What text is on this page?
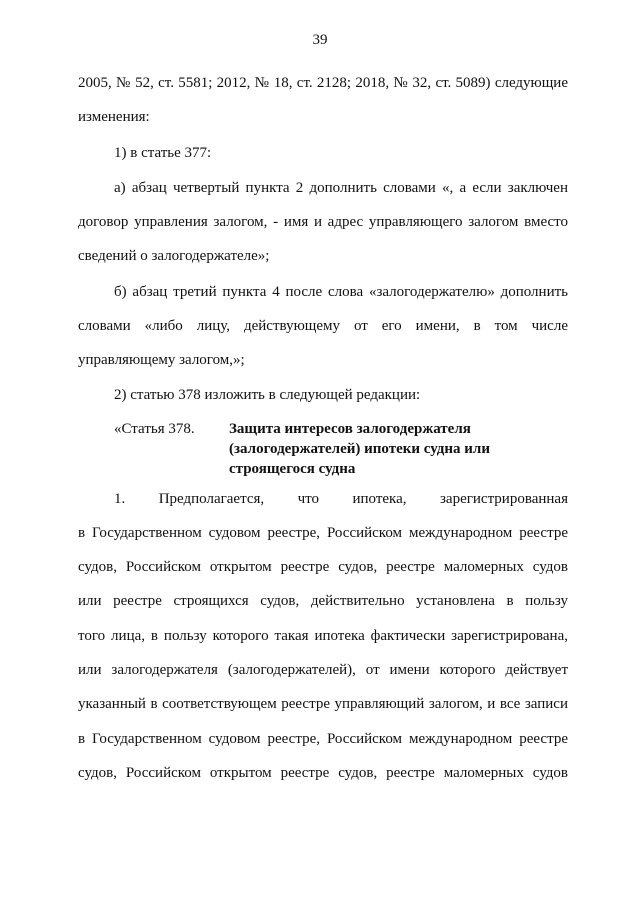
39
2005, № 52, ст. 5581; 2012, № 18, ст. 2128; 2018, № 32, ст. 5089) следующие
изменения:
1) в статье 377:
а) абзац четвертый пункта 2 дополнить словами «, а если заключен
договор управления залогом, - имя и адрес управляющего залогом вместо
сведений о залогодержателе»;
б) абзац третий пункта 4 после слова «залогодержателю» дополнить
словами «либо лицу, действующему от его имени, в том числе
управляющему залогом,»;
2) статью 378 изложить в следующей редакции:
«Статья 378. Защита интересов залогодержателя
(залогодержателей) ипотеки судна или
строящегося судна
1. Предполагается, что ипотека, зарегистрированная
в Государственном судовом реестре, Российском международном реестре
судов, Российском открытом реестре судов, реестре маломерных судов
или реестре строящихся судов, действительно установлена в пользу
того лица, в пользу которого такая ипотека фактически зарегистрирована,
или залогодержателя (залогодержателей), от имени которого действует
указанный в соответствующем реестре управляющий залогом, и все записи
в Государственном судовом реестре, Российском международном реестре
судов, Российском открытом реестре судов, реестре маломерных судов
